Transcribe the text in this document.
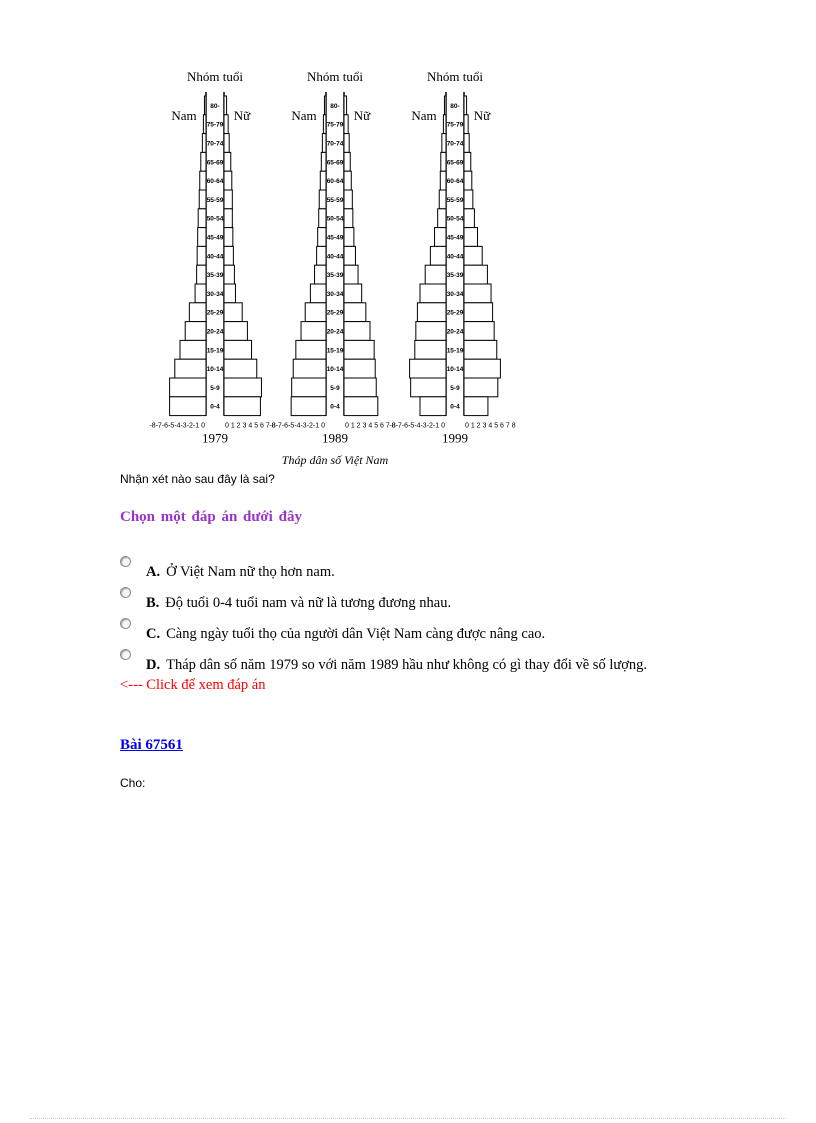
Nhóm tuổi
Nam	Nữ
80-
75-79
70-74
65-69
60-64
55-59
50-54
45-49
40-44
35-39
30-34
25-29
20-24
15-19
10-14
5-9
0-4
-8-7-6-5-4-3-2-1 0	0 1 2 3 4 5 6 7 8
1979
Nhóm tuổi
Nam	Nữ
80-
75-79
70-74
65-69
60-64
55-59
50-54
45-49
40-44
35-39
30-34
25-29
20-24
15-19
10-14
5-9
0-4
-8-7-6-5-4-3-2-1 0	0 1 2 3 4 5 6 7 8
1989
Nhóm tuổi
Nam	Nữ
80-
75-79
70-74
65-69
60-64
55-59
50-54
45-49
40-44
35-39
30-34
25-29
20-24
15-19
10-14
5-9
0-4
-8-7-6-5-4-3-2-1 0	0 1 2 3 4 5 6 7 8
1999
Tháp dân số Việt Nam
Nhận xét nào sau đây là sai?
Chọn một đáp án dưới đây
A. Ở Việt Nam nữ thọ hơn nam.
B. Độ tuổi 0-4 tuổi nam và nữ là tương đương nhau.
C. Càng ngày tuổi thọ của người dân Việt Nam càng được nâng cao.
D. Tháp dân số năm 1979 so với năm 1989 hầu như không có gì thay đổi về số lượng.
<--- Click để xem đáp án
Bài 67561
Cho:
